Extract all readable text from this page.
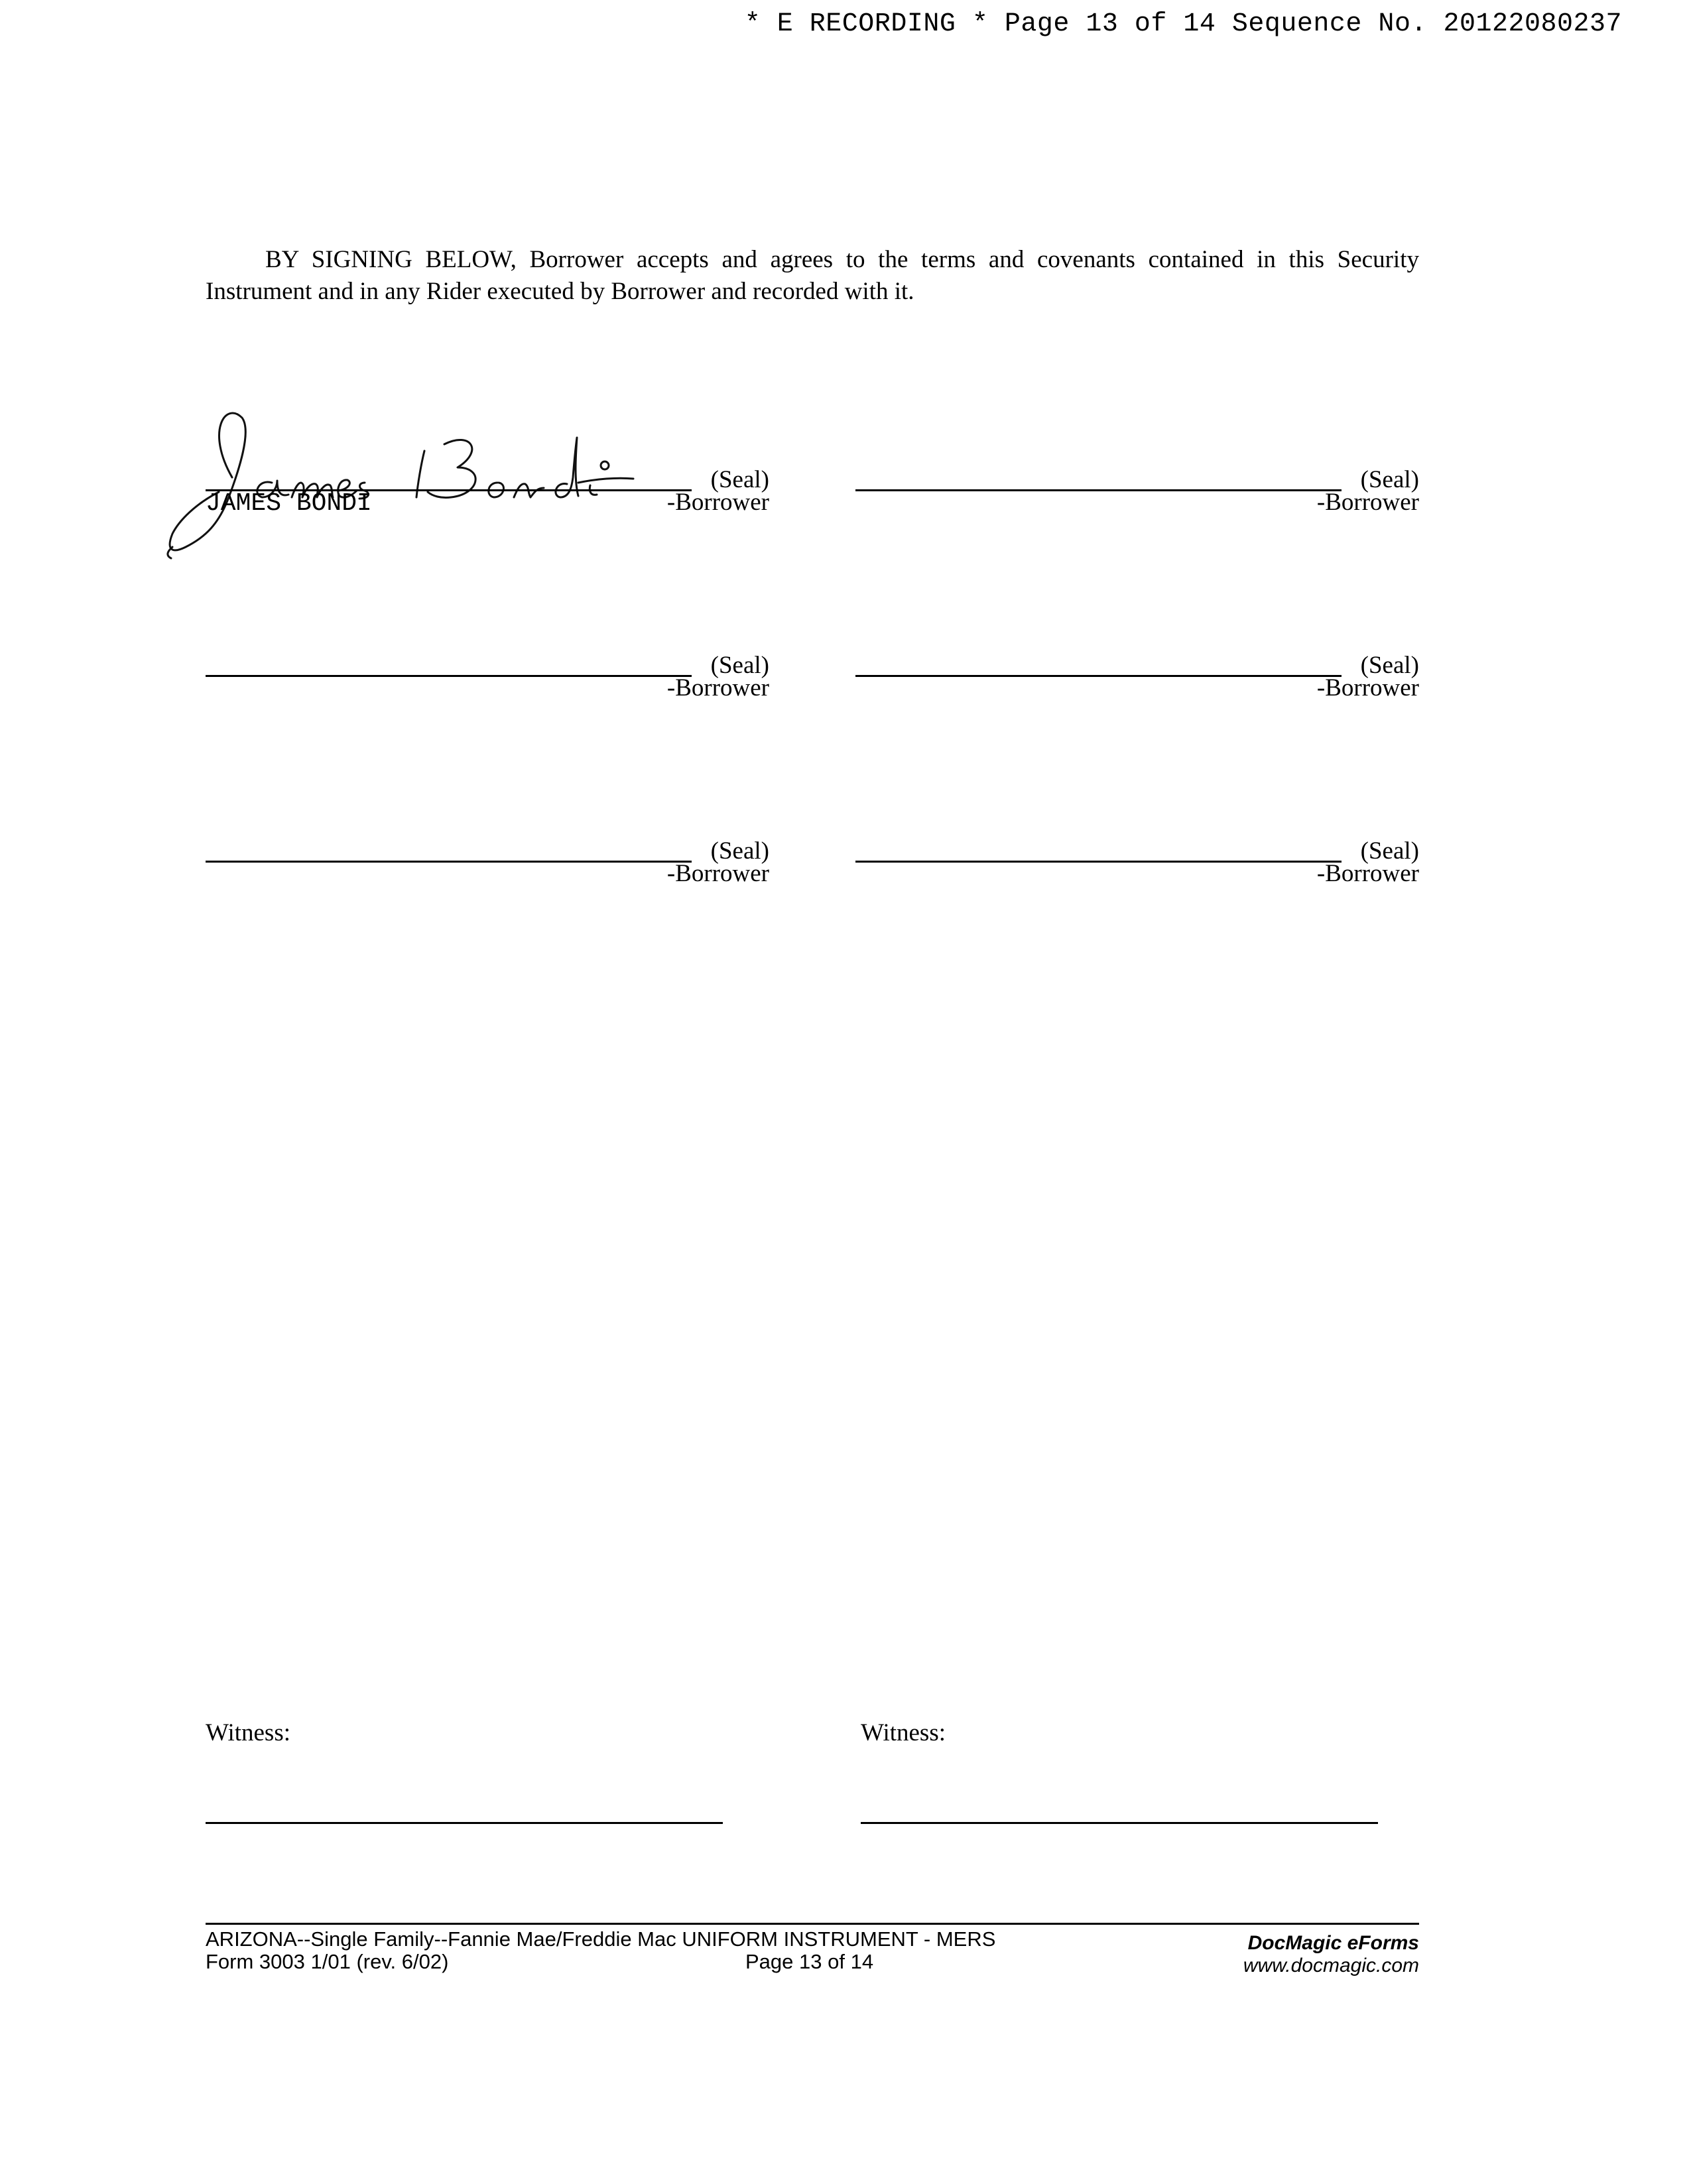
* E RECORDING * Page 13 of 14 Sequence No. 20122080237

BY SIGNING BELOW, Borrower accepts and agrees to the terms and covenants contained in this Security Instrument and in any Rider executed by Borrower and recorded with it.

(Seal)
JAMES BONDI	-Borrower
(Seal)
-Borrower
(Seal)
-Borrower
(Seal)
-Borrower
(Seal)
-Borrower
(Seal)
-Borrower
Witness:	Witness:
ARIZONA--Single Family--Fannie Mae/Freddie Mac UNIFORM INSTRUMENT - MERS
Form 3003 1/01 (rev. 6/02)	Page 13 of 14
DocMagic eForms
www.docmagic.com
